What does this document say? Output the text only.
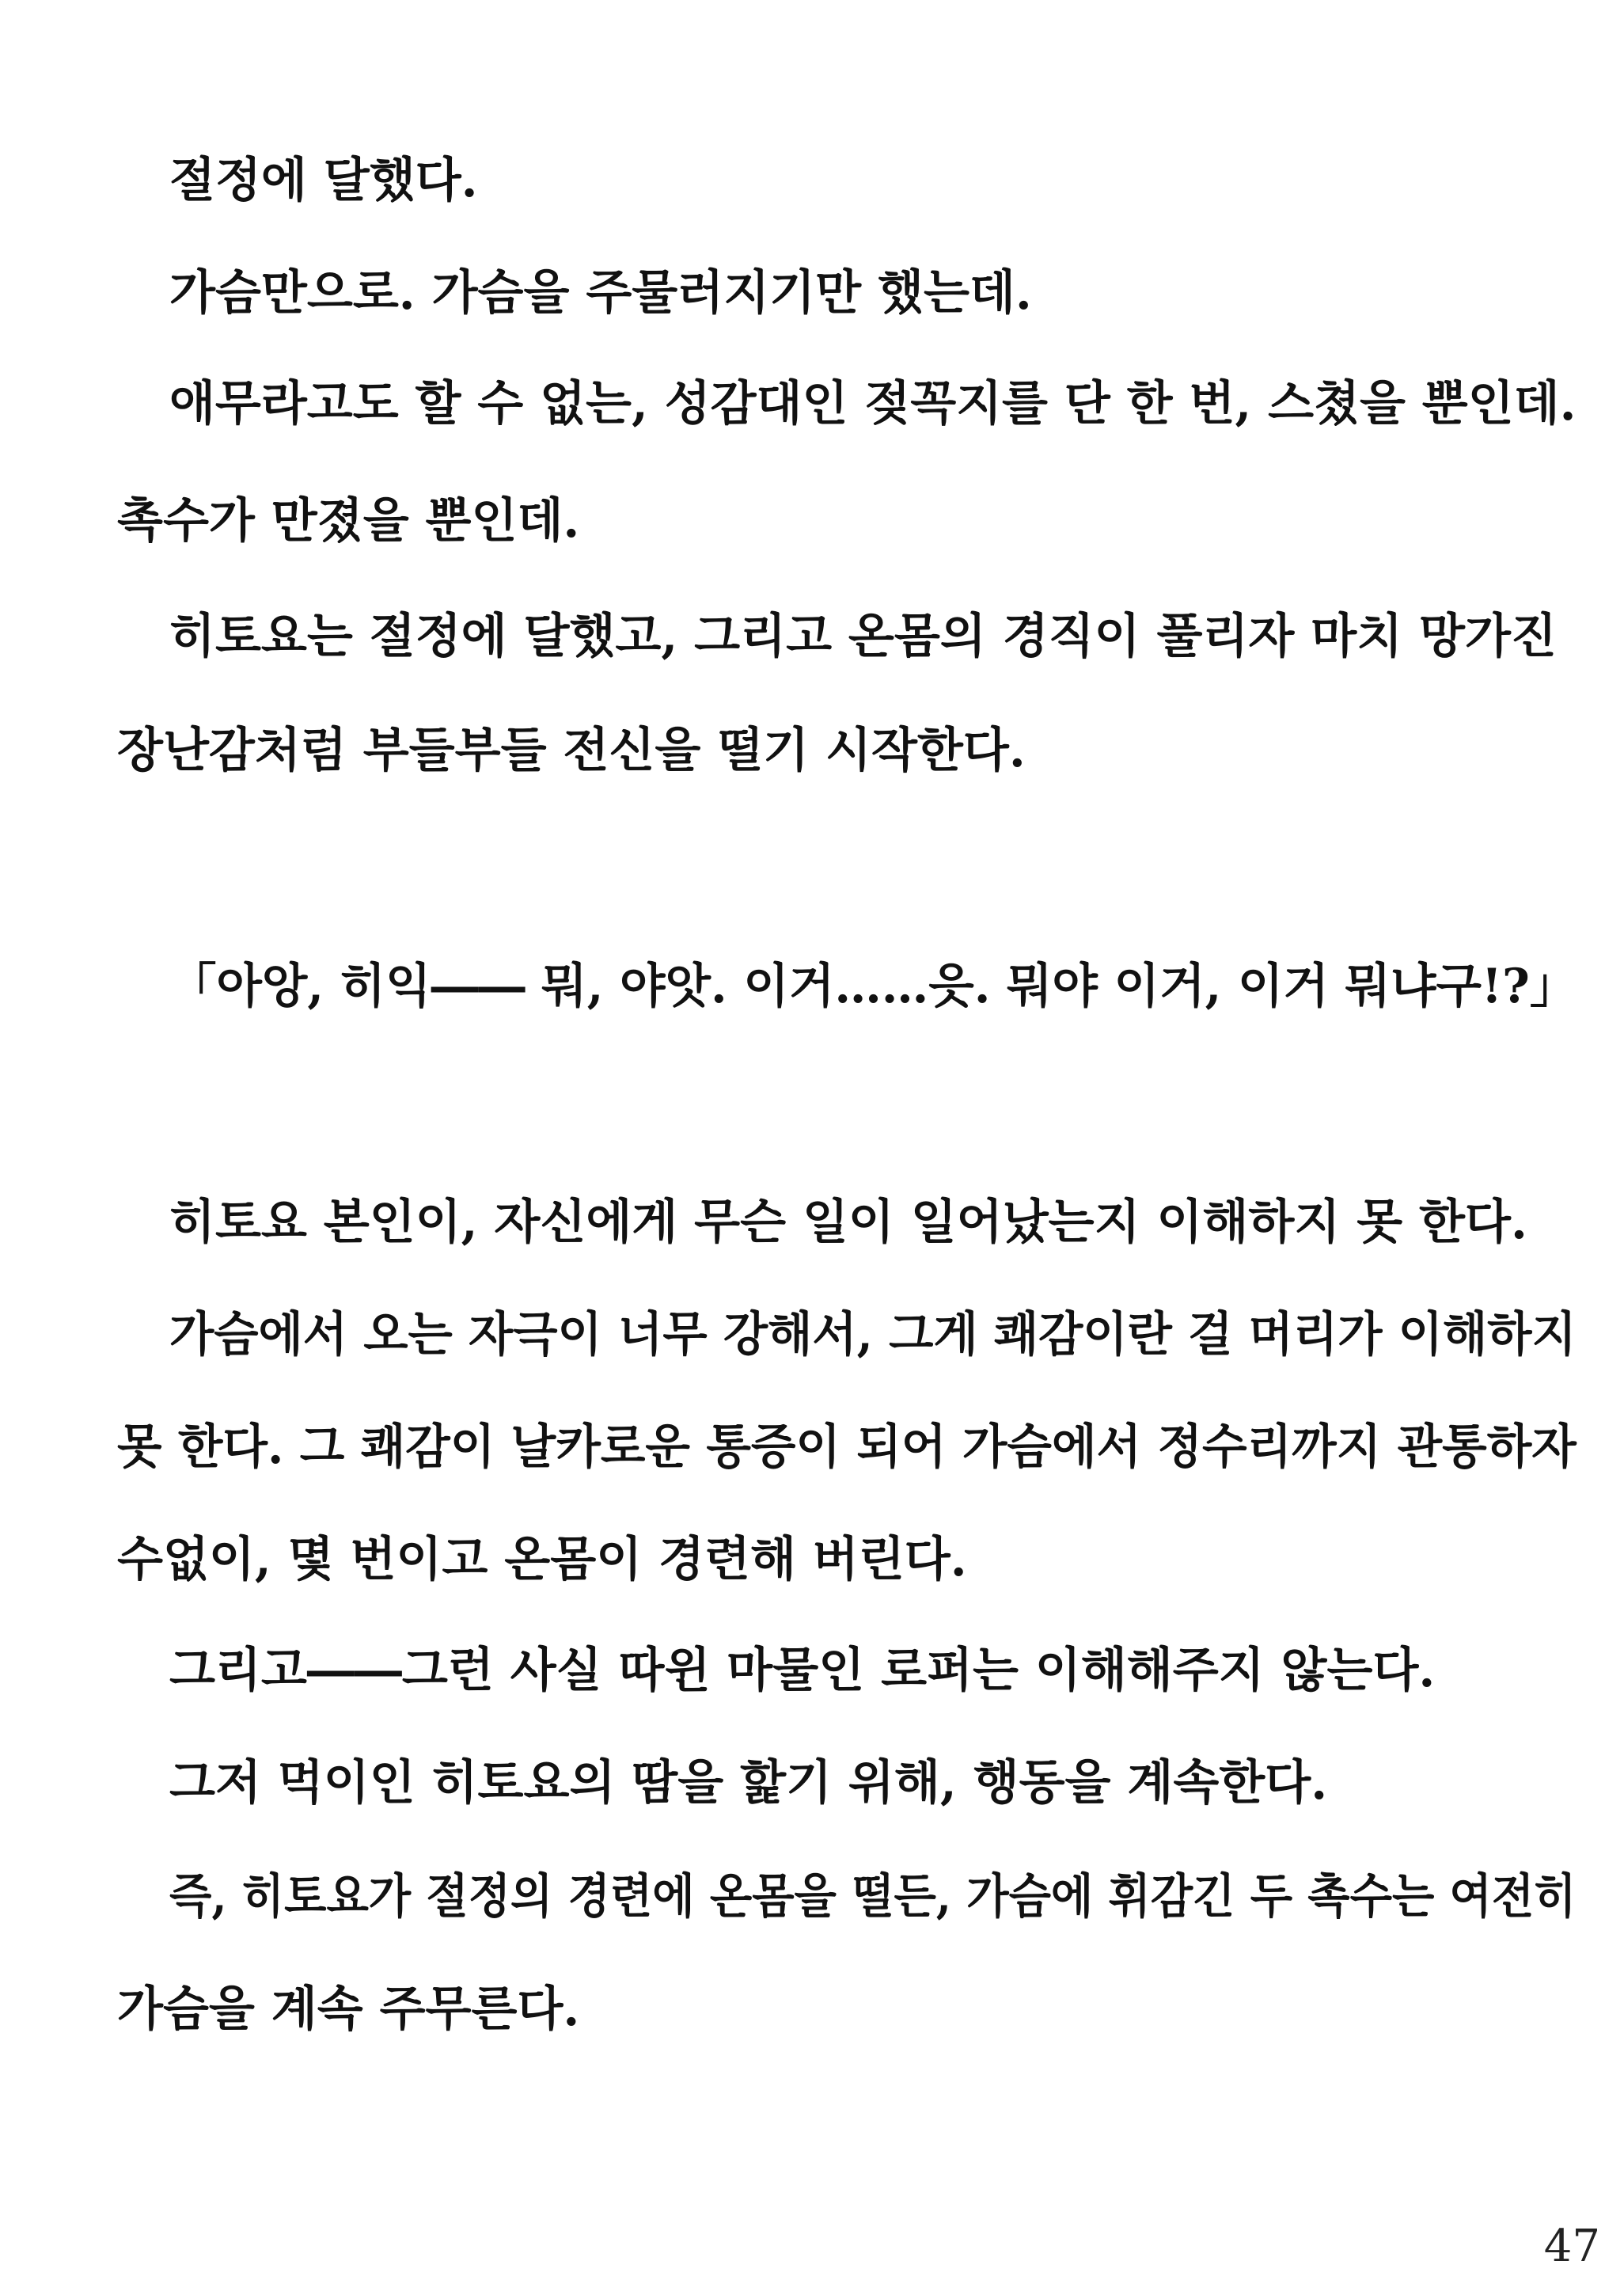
절정에 달했다.
가슴만으로. 가슴을 주물러지기만 했는데.
애무라고도 할 수 없는, 성감대인 젖꼭지를 단 한 번, 스쳤을 뿐인데.
촉수가 만졌을 뿐인데.
히토요는 절정에 달했고, 그리고 온몸의 경직이 풀리자 마치 망가진
장난감처럼 부들부들 전신을 떨기 시작한다.
「아앙, 히익―― 뭐, 야앗. 이거……읏. 뭐야 이거, 이거 뭐냐구!?」
히토요 본인이, 자신에게 무슨 일이 일어났는지 이해하지 못 한다.
가슴에서 오는 자극이 너무 강해서, 그게 쾌감이란 걸 머리가 이해하지
못 한다. 그 쾌감이 날카로운 통증이 되어 가슴에서 정수리까지 관통하자
수없이, 몇 번이고 온몸이 경련해 버린다.
그리고――그런 사실 따윈 마물인 로퍼는 이해해주지 않는다.
그저 먹이인 히토요의 땀을 핥기 위해, 행동을 계속한다.
즉, 히토요가 절정의 경련에 온몸을 떨든, 가슴에 휘감긴 두 촉수는 여전히
가슴을 계속 주무른다.
47
